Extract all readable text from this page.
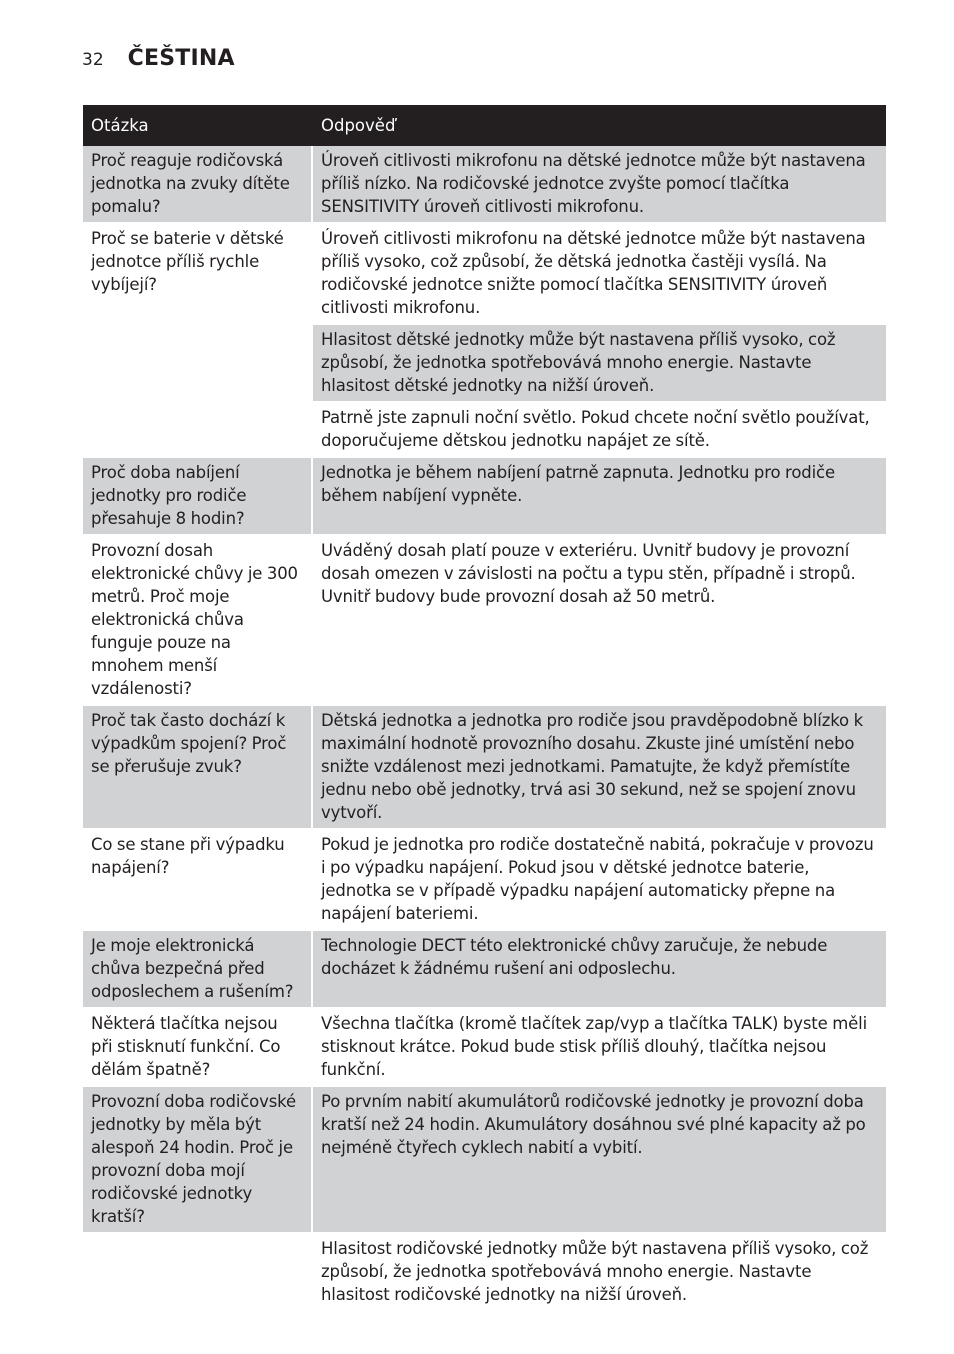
32 ČEŠTINA
Otázka	Odpověď
Proč reaguje rodičovská jednotka na zvuky dítěte pomalu?	Úroveň citlivosti mikrofonu na dětské jednotce může být nastavena příliš nízko. Na rodičovské jednotce zvyšte pomocí tlačítka SENSITIVITY úroveň citlivosti mikrofonu.
Proč se baterie v dětské jednotce příliš rychle vybíjejí?	Úroveň citlivosti mikrofonu na dětské jednotce může být nastavena příliš vysoko, což způsobí, že dětská jednotka častěji vysílá. Na rodičovské jednotce snižte pomocí tlačítka SENSITIVITY úroveň citlivosti mikrofonu.
	Hlasitost dětské jednotky může být nastavena příliš vysoko, což způsobí, že jednotka spotřebovává mnoho energie. Nastavte hlasitost dětské jednotky na nižší úroveň.
	Patrně jste zapnuli noční světlo. Pokud chcete noční světlo používat, doporučujeme dětskou jednotku napájet ze sítě.
Proč doba nabíjení jednotky pro rodiče přesahuje 8 hodin?	Jednotka je během nabíjení patrně zapnuta. Jednotku pro rodiče během nabíjení vypněte.
Provozní dosah elektronické chůvy je 300 metrů. Proč moje elektronická chůva funguje pouze na mnohem menší vzdálenosti?	Uváděný dosah platí pouze v exteriéru. Uvnitř budovy je provozní dosah omezen v závislosti na počtu a typu stěn, případně i stropů. Uvnitř budovy bude provozní dosah až 50 metrů.
Proč tak často dochází k výpadkům spojení? Proč se přerušuje zvuk?	Dětská jednotka a jednotka pro rodiče jsou pravděpodobně blízko k maximální hodnotě provozního dosahu. Zkuste jiné umístění nebo snižte vzdálenost mezi jednotkami. Pamatujte, že když přemístíte jednu nebo obě jednotky, trvá asi 30 sekund, než se spojení znovu vytvoří.
Co se stane při výpadku napájení?	Pokud je jednotka pro rodiče dostatečně nabitá, pokračuje v provozu i po výpadku napájení. Pokud jsou v dětské jednotce baterie, jednotka se v případě výpadku napájení automaticky přepne na napájení bateriemi.
Je moje elektronická chůva bezpečná před odposlechem a rušením?	Technologie DECT této elektronické chůvy zaručuje, že nebude docházet k žádnému rušení ani odposlechu.
Některá tlačítka nejsou při stisknutí funkční. Co dělám špatně?	Všechna tlačítka (kromě tlačítek zap/vyp a tlačítka TALK) byste měli stisknout krátce. Pokud bude stisk příliš dlouhý, tlačítka nejsou funkční.
Provozní doba rodičovské jednotky by měla být alespoň 24 hodin. Proč je provozní doba mojí rodičovské jednotky kratší?	Po prvním nabití akumulátorů rodičovské jednotky je provozní doba kratší než 24 hodin. Akumulátory dosáhnou své plné kapacity až po nejméně čtyřech cyklech nabití a vybití.
	Hlasitost rodičovské jednotky může být nastavena příliš vysoko, což způsobí, že jednotka spotřebovává mnoho energie. Nastavte hlasitost rodičovské jednotky na nižší úroveň.
